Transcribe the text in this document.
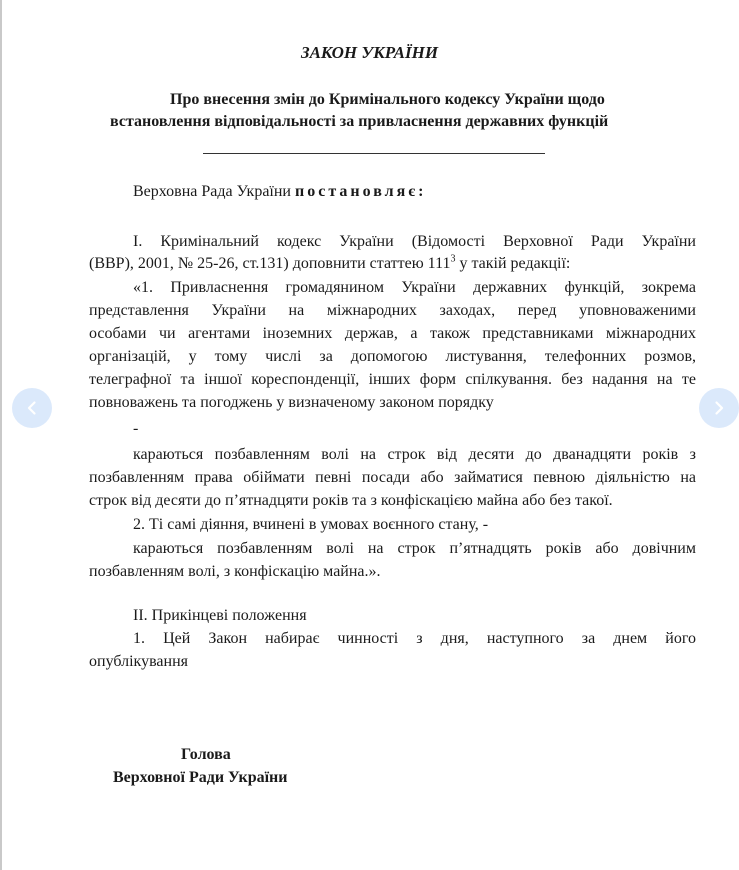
ЗАКОН УКРАЇНИ
Про внесення змін до Кримінального кодексу України щодо
встановлення відповідальності за привласнення державних функцій
Верховна Рада України постановляє:
І. Кримінальний кодекс України (Відомості Верховної Ради України
(ВВР), 2001, № 25-26, ст.131) доповнити статтею $111^3$ у такій редакції:
«1. Привласнення громадянином України державних функцій, зокрема
представлення України на міжнародних заходах, перед уповноваженими
особами чи агентами іноземних держав, а також представниками міжнародних
організацій, у тому числі за допомогою листування, телефонних розмов,
телеграфної та іншої кореспонденції, інших форм спілкування. без надання на те
повноважень та погоджень у визначеному законом порядку
-
караються позбавленням волі на строк від десяти до дванадцяти років з
позбавленням права обіймати певні посади або займатися певною діяльністю на
строк від десяти до п’ятнадцяти років та з конфіскацією майна або без такої.
2. Ті самі діяння, вчинені в умовах воєнного стану, -
караються позбавленням волі на строк п’ятнадцять років або довічним
позбавленням волі, з конфіскацію майна.».
ІІ. Прикінцеві положення
1. Цей Закон набирає чинності з дня, наступного за днем його
опублікування
Голова
Верховної Ради України
